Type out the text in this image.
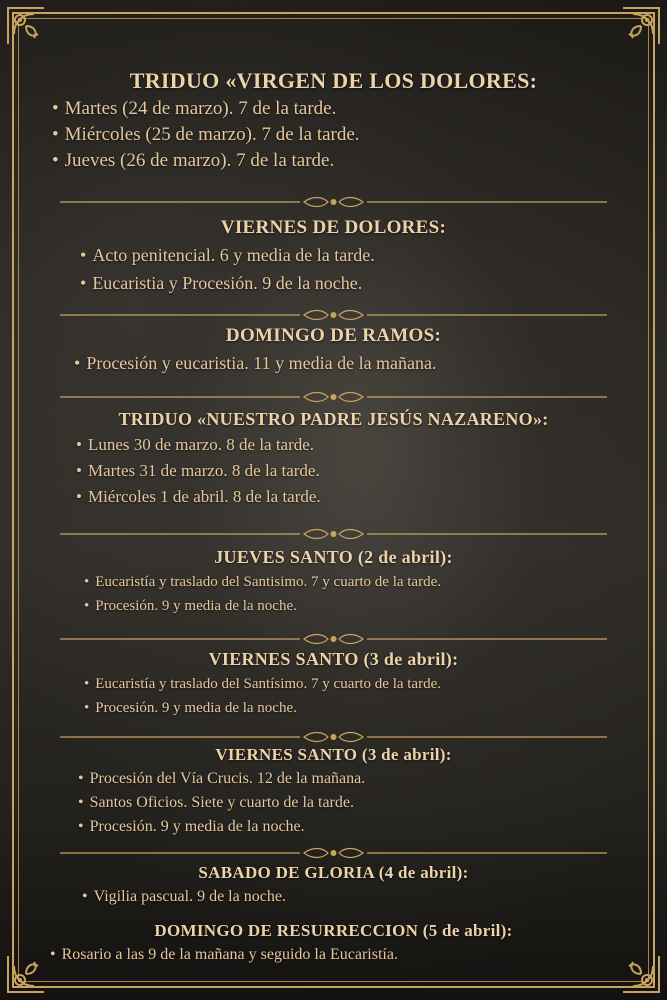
TRIDUO «VIRGEN DE LOS DOLORES:
• Martes (24 de marzo). 7 de la tarde.
• Miércoles (25 de marzo). 7 de la tarde.
• Jueves (26 de marzo). 7 de la tarde.
VIERNES DE DOLORES:
• Acto penitencial. 6 y media de la tarde.
• Eucaristia y Procesión. 9 de la noche.
DOMINGO DE RAMOS:
• Procesión y eucaristia. 11 y media de la mañana.
TRIDUO «NUESTRO PADRE JESÚS NAZARENO»:
• Lunes 30 de marzo. 8 de la tarde.
• Martes 31 de marzo. 8 de la tarde.
• Miércoles 1 de abril. 8 de la tarde.
JUEVES SANTO (2 de abril):
• Eucaristía y traslado del Santisimo. 7 y cuarto de la tarde.
• Procesión. 9 y media de la noche.
VIERNES SANTO (3 de abril):
• Eucaristía y traslado del Santísimo. 7 y cuarto de la tarde.
• Procesión. 9 y media de la noche.
VIERNES SANTO (3 de abril):
• Procesión del Vía Crucis. 12 de la mañana.
• Santos Oficios. Siete y cuarto de la tarde.
• Procesión. 9 y media de la noche.
SABADO DE GLORIA (4 de abril):
• Vigilia pascual. 9 de la noche.
DOMINGO DE RESURRECCION (5 de abril):
• Rosario a las 9 de la mañana y seguido la Eucaristía.
